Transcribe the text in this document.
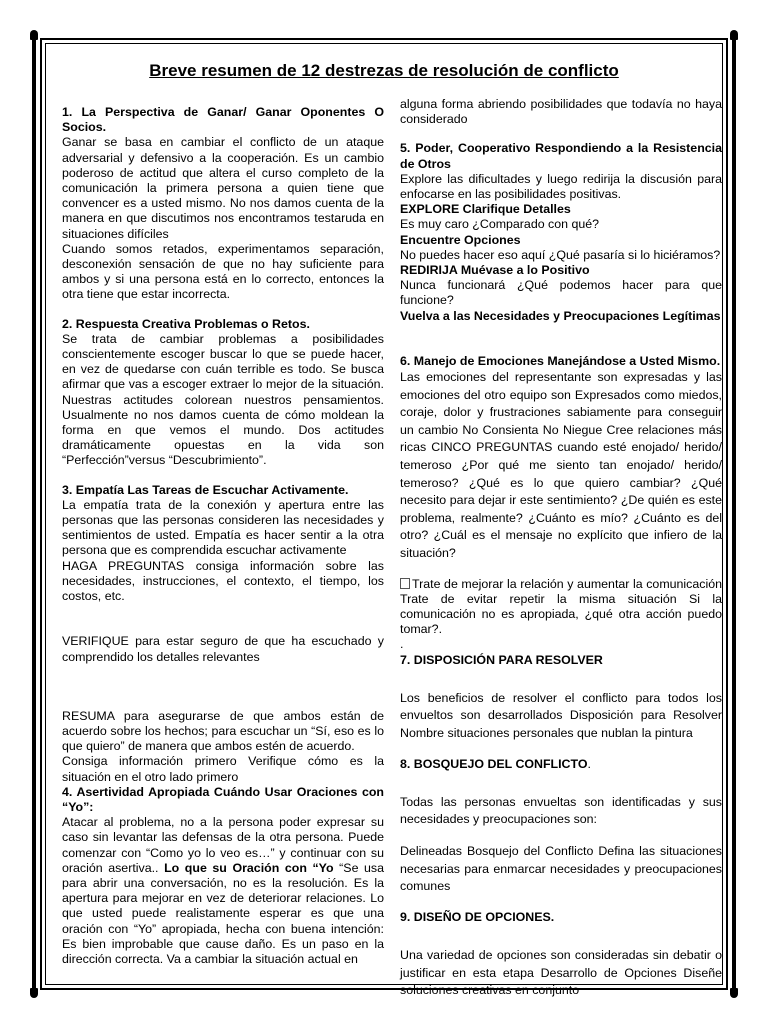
Breve resumen de 12 destrezas de resolución de conflicto

1. La Perspectiva de Ganar/ Ganar Oponentes O Socios.

Ganar se basa en cambiar el conflicto de un ataque adversarial y defensivo a la cooperación. Es un cambio poderoso de actitud que altera el curso completo de la comunicación la primera persona a quien tiene que convencer es a usted mismo. No nos damos cuenta de la manera en que discutimos nos encontramos testaruda en situaciones difíciles

Cuando somos retados, experimentamos separación, desconexión sensación de que no hay suficiente para ambos y si una persona está en lo correcto, entonces la otra tiene que estar incorrecta.

2. Respuesta Creativa Problemas o Retos.

Se trata de cambiar problemas a posibilidades conscientemente escoger buscar lo que se puede hacer, en vez de quedarse con cuán terrible es todo. Se busca afirmar que vas a escoger extraer lo mejor de la situación. Nuestras actitudes colorean nuestros pensamientos. Usualmente no nos damos cuenta de cómo moldean la forma en que vemos el mundo. Dos actitudes dramáticamente opuestas en la vida son “Perfección”versus “Descubrimiento”.

3. Empatía Las Tareas de Escuchar Activamente.

La empatía trata de la conexión y apertura entre las personas que las personas consideren las necesidades y sentimientos de usted. Empatía es hacer sentir a la otra persona que es comprendida escuchar activamente

HAGA PREGUNTAS consiga información sobre las necesidades, instrucciones, el contexto, el tiempo, los costos, etc.

VERIFIQUE para estar seguro de que ha escuchado y comprendido los detalles relevantes

RESUMA para asegurarse de que ambos están de acuerdo sobre los hechos; para escuchar un “Sí, eso es lo que quiero” de manera que ambos estén de acuerdo.

Consiga información primero Verifique cómo es la situación en el otro lado primero

4. Asertividad Apropiada Cuándo Usar Oraciones con “Yo”:

Atacar al problema, no a la persona poder expresar su caso sin levantar las defensas de la otra persona. Puede comenzar con “Como yo lo veo es…” y continuar con su oración asertiva.. Lo que su Oración con “Yo “Se usa para abrir una conversación, no es la resolución. Es la apertura para mejorar en vez de deteriorar relaciones. Lo que usted puede realistamente esperar es que una oración con “Yo” apropiada, hecha con buena intención: Es bien improbable que cause daño. Es un paso en la dirección correcta. Va a cambiar la situación actual en

alguna forma abriendo posibilidades que todavía no haya considerado

5. Poder, Cooperativo Respondiendo a la Resistencia de Otros

Explore las dificultades y luego redirija la discusión para enfocarse en las posibilidades positivas.

EXPLORE Clarifique Detalles

Es muy caro ¿Comparado con qué?

Encuentre Opciones

No puedes hacer eso aquí ¿Qué pasaría si lo hiciéramos?

REDIRIJA Muévase a lo Positivo

Nunca funcionará ¿Qué podemos hacer para que funcione?

Vuelva a las Necesidades y Preocupaciones Legítimas

6. Manejo de Emociones Manejándose a Usted Mismo.

Las emociones del representante son expresadas y las emociones del otro equipo son Expresados como miedos, coraje, dolor y frustraciones sabiamente para conseguir un cambio No Consienta No Niegue Cree relaciones más ricas CINCO PREGUNTAS cuando esté enojado/ herido/ temeroso ¿Por qué me siento tan enojado/ herido/ temeroso? ¿Qué es lo que quiero cambiar? ¿Qué necesito para dejar ir este sentimiento? ¿De quién es este problema, realmente? ¿Cuánto es mío? ¿Cuánto es del otro? ¿Cuál es el mensaje no explícito que infiero de la situación?

Trate de mejorar la relación y aumentar la comunicación Trate de evitar repetir la misma situación Si la comunicación no es apropiada, ¿qué otra acción puedo tomar?.

.

7. DISPOSICIÓN PARA RESOLVER

Los beneficios de resolver el conflicto para todos los envueltos son desarrollados Disposición para Resolver Nombre situaciones personales que nublan la pintura

8. BOSQUEJO DEL CONFLICTO.

Todas las personas envueltas son identificadas y sus necesidades y preocupaciones son:

Delineadas Bosquejo del Conflicto Defina las situaciones necesarias para enmarcar necesidades y preocupaciones comunes

9. DISEÑO DE OPCIONES.

Una variedad de opciones son consideradas sin debatir o justificar en esta etapa Desarrollo de Opciones Diseñe soluciones creativas en conjunto
